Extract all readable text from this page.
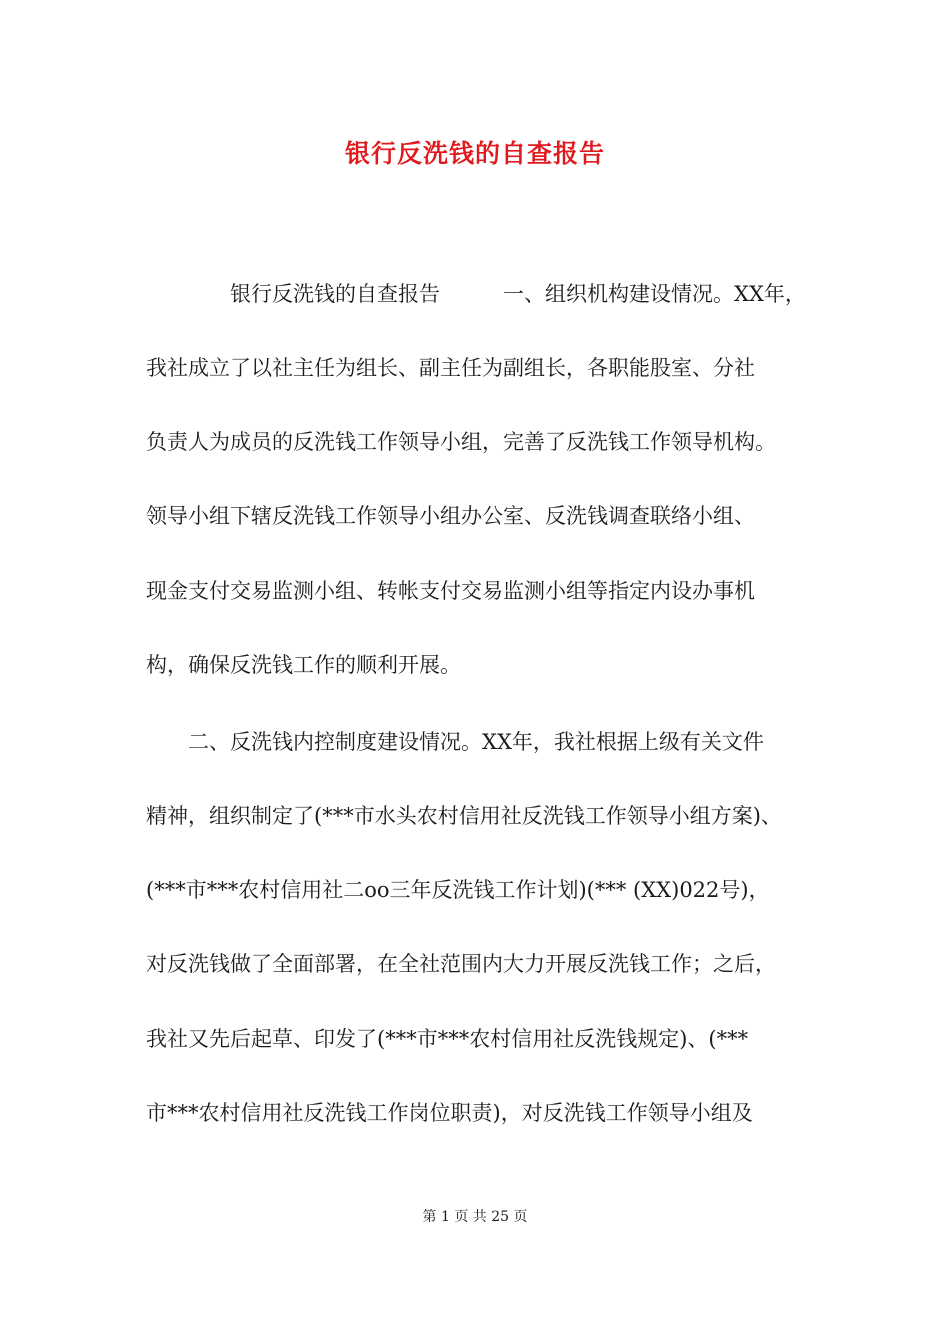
银行反洗钱的自查报告

　　　　银行反洗钱的自查报告　　　一、组织机构建设情况。XX年，

我社成立了以社主任为组长、副主任为副组长，各职能股室、分社

负责人为成员的反洗钱工作领导小组，完善了反洗钱工作领导机构。

领导小组下辖反洗钱工作领导小组办公室、反洗钱调查联络小组、

现金支付交易监测小组、转帐支付交易监测小组等指定内设办事机

构，确保反洗钱工作的顺利开展。

　　二、反洗钱内控制度建设情况。XX年，我社根据上级有关文件

精神，组织制定了(***市水头农村信用社反洗钱工作领导小组方案)、

(***市***农村信用社二oo三年反洗钱工作计划)(*** (XX)022号)，

对反洗钱做了全面部署，在全社范围内大力开展反洗钱工作；之后，

我社又先后起草、印发了(***市***农村信用社反洗钱规定)、(***

市***农村信用社反洗钱工作岗位职责)，对反洗钱工作领导小组及

第 1 页 共 25 页
